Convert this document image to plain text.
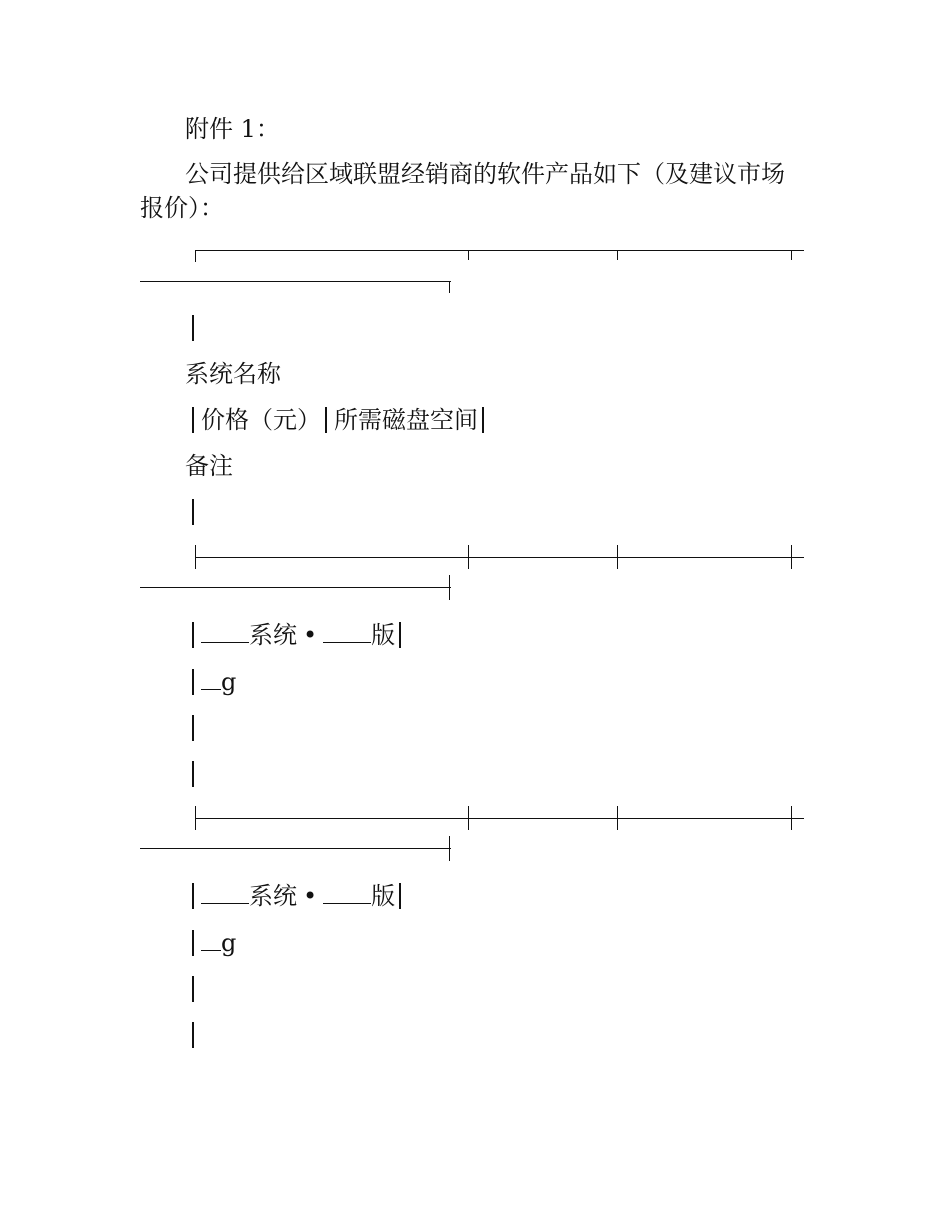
附件 1：
公司提供给区域联盟经销商的软件产品如下（及建议市场
报价）：
系统名称
价格（元） 所需磁盘空间
备注
系统 • 版
g
系统 • 版
g
